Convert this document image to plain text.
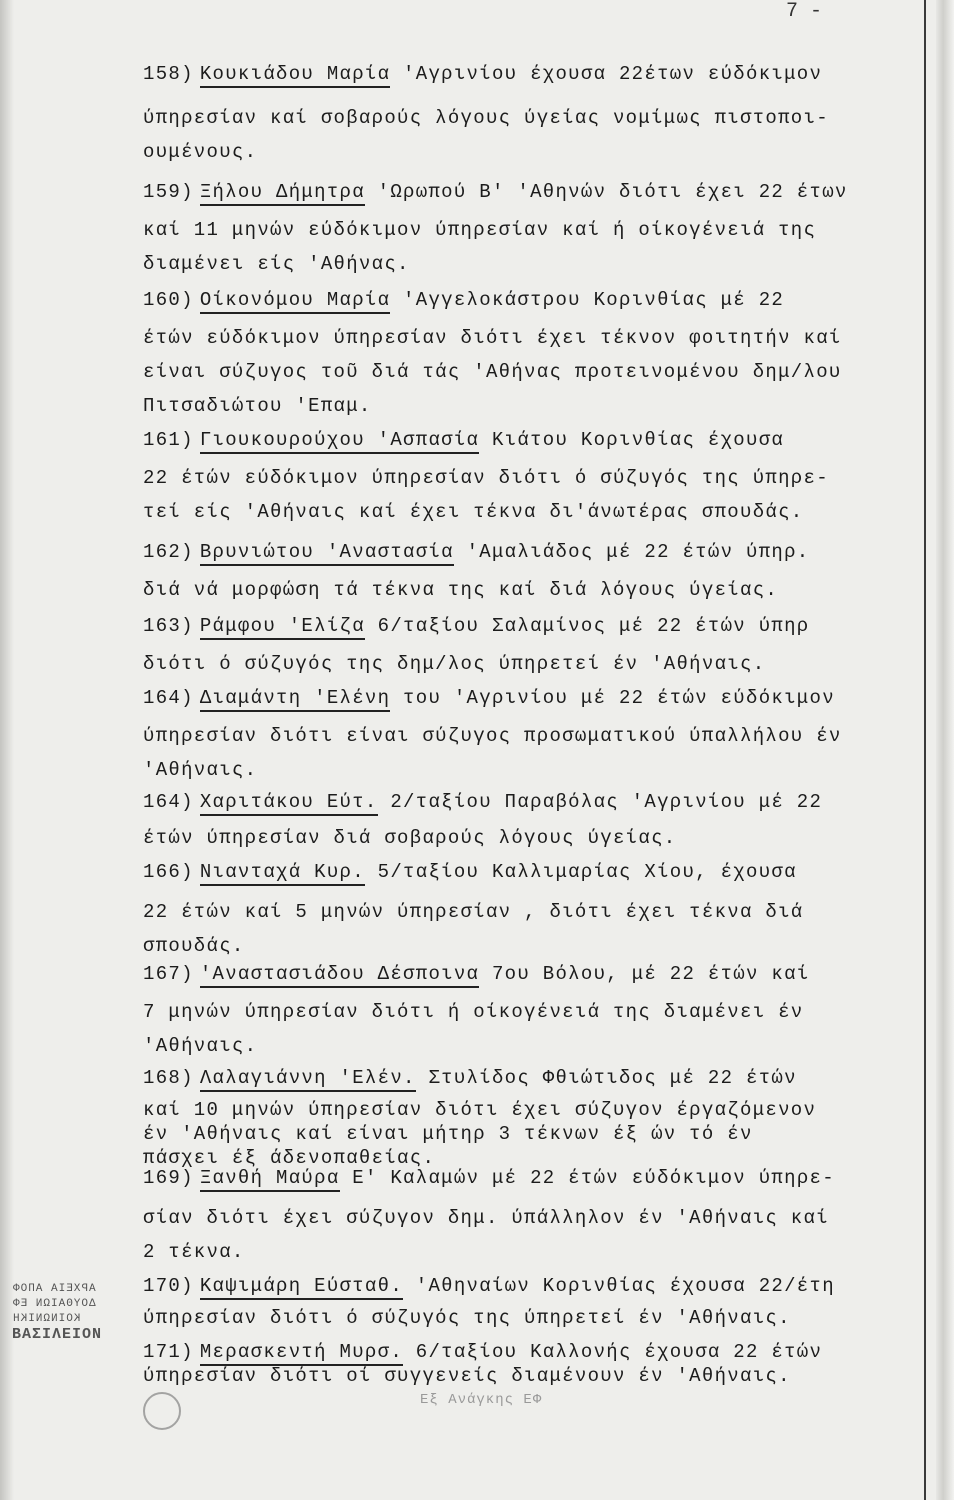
7 -
ΑΡΧΕΙΑ ΑΠΟΦ
ΔΟΥΘΑΙΩΝ ΕΦ
ΚΟΙΝΩΝΙΚΗ

ΒΑΣΙΛΕΙΟΝ
Εξ Ανάγκης ΕΦ
158) Κουκιάδου Μαρία 'Αγρινίου έχουσα 22έτων εύδόκιμον
ύπηρεσίαν καί σοβαρούς λόγους ύγείας νομίμως πιστοποι-
ουμένους.
159) Ξήλου Δήμητρα 'Ωρωπού Β' 'Αθηνών διότι έχει 22 έτων
καί 11 μηνών εύδόκιμον ύπηρεσίαν καί ή οίκογένειά της
διαμένει είς 'Αθήνας.
160) Οίκονόμου Μαρία 'Αγγελοκάστρου Κορινθίας μέ 22
έτών εύδόκιμον ύπηρεσίαν διότι έχει τέκνον φοιτητήν καί
είναι σύζυγος τοῦ διά τάς 'Αθήνας προτεινομένου δημ/λου
Πιτσαδιώτου 'Επαμ.
161) Γιουκουρούχου 'Ασπασία Κιάτου Κορινθίας έχουσα
22 έτών εύδόκιμον ύπηρεσίαν διότι ό σύζυγός της ύπηρε-
τεί είς 'Αθήναις καί έχει τέκνα δι'άνωτέρας σπουδάς.
162) Βρυνιώτου 'Αναστασία 'Αμαλιάδος μέ 22 έτών ύπηρ.
διά νά μορφώση τά τέκνα της καί διά λόγους ύγείας.
163) Ράμφου 'Ελίζα 6/ταξίου Σαλαμίνος μέ 22 έτών ύπηρ
διότι ό σύζυγός της δημ/λος ύπηρετεί έν 'Αθήναις.
164) Διαμάντη 'Ελένη του 'Αγρινίου μέ 22 έτών εύδόκιμον
ύπηρεσίαν διότι είναι σύζυγος προσωματικού ύπαλλήλου έν
'Αθήναις.
164) Χαριτάκου Εύτ. 2/ταξίου Παραβόλας 'Αγρινίου μέ 22
έτών ύπηρεσίαν διά σοβαρούς λόγους ύγείας.
166) Νιανταχά Κυρ. 5/ταξίου Καλλιμαρίας Χίου, έχουσα
22 έτών καί 5 μηνών ύπηρεσίαν , διότι έχει τέκνα διά
σπουδάς.
167) 'Αναστασιάδου Δέσποινα 7ου Βόλου, μέ 22 έτών καί
7 μηνών ύπηρεσίαν διότι ή οίκογένειά της διαμένει έν
'Αθήναις.
168) Λαλαγιάννη 'Ελέν. Στυλίδος Φθιώτιδος μέ 22 έτών
καί 10 μηνών ύπηρεσίαν διότι έχει σύζυγον έργαζόμενον
έν 'Αθήναις καί είναι μήτηρ 3 τέκνων έξ ών τό έν
πάσχει έξ άδενοπαθείας.
169) Ξανθή Μαύρα Ε' Καλαμών μέ 22 έτών εύδόκιμον ύπηρε-
σίαν διότι έχει σύζυγον δημ. ύπάλληλον έν 'Αθήναις καί
2 τέκνα.
170) Καψιμάρη Εύσταθ. 'Αθηναίων Κορινθίας έχουσα 22/έτη
ύπηρεσίαν διότι ό σύζυγός της ύπηρετεί έν 'Αθήναις.
171) Μερασκεντή Μυρσ. 6/ταξίου Καλλονής έχουσα 22 έτών
ύπηρεσίαν διότι οί συγγενείς διαμένουν έν 'Αθήναις.
